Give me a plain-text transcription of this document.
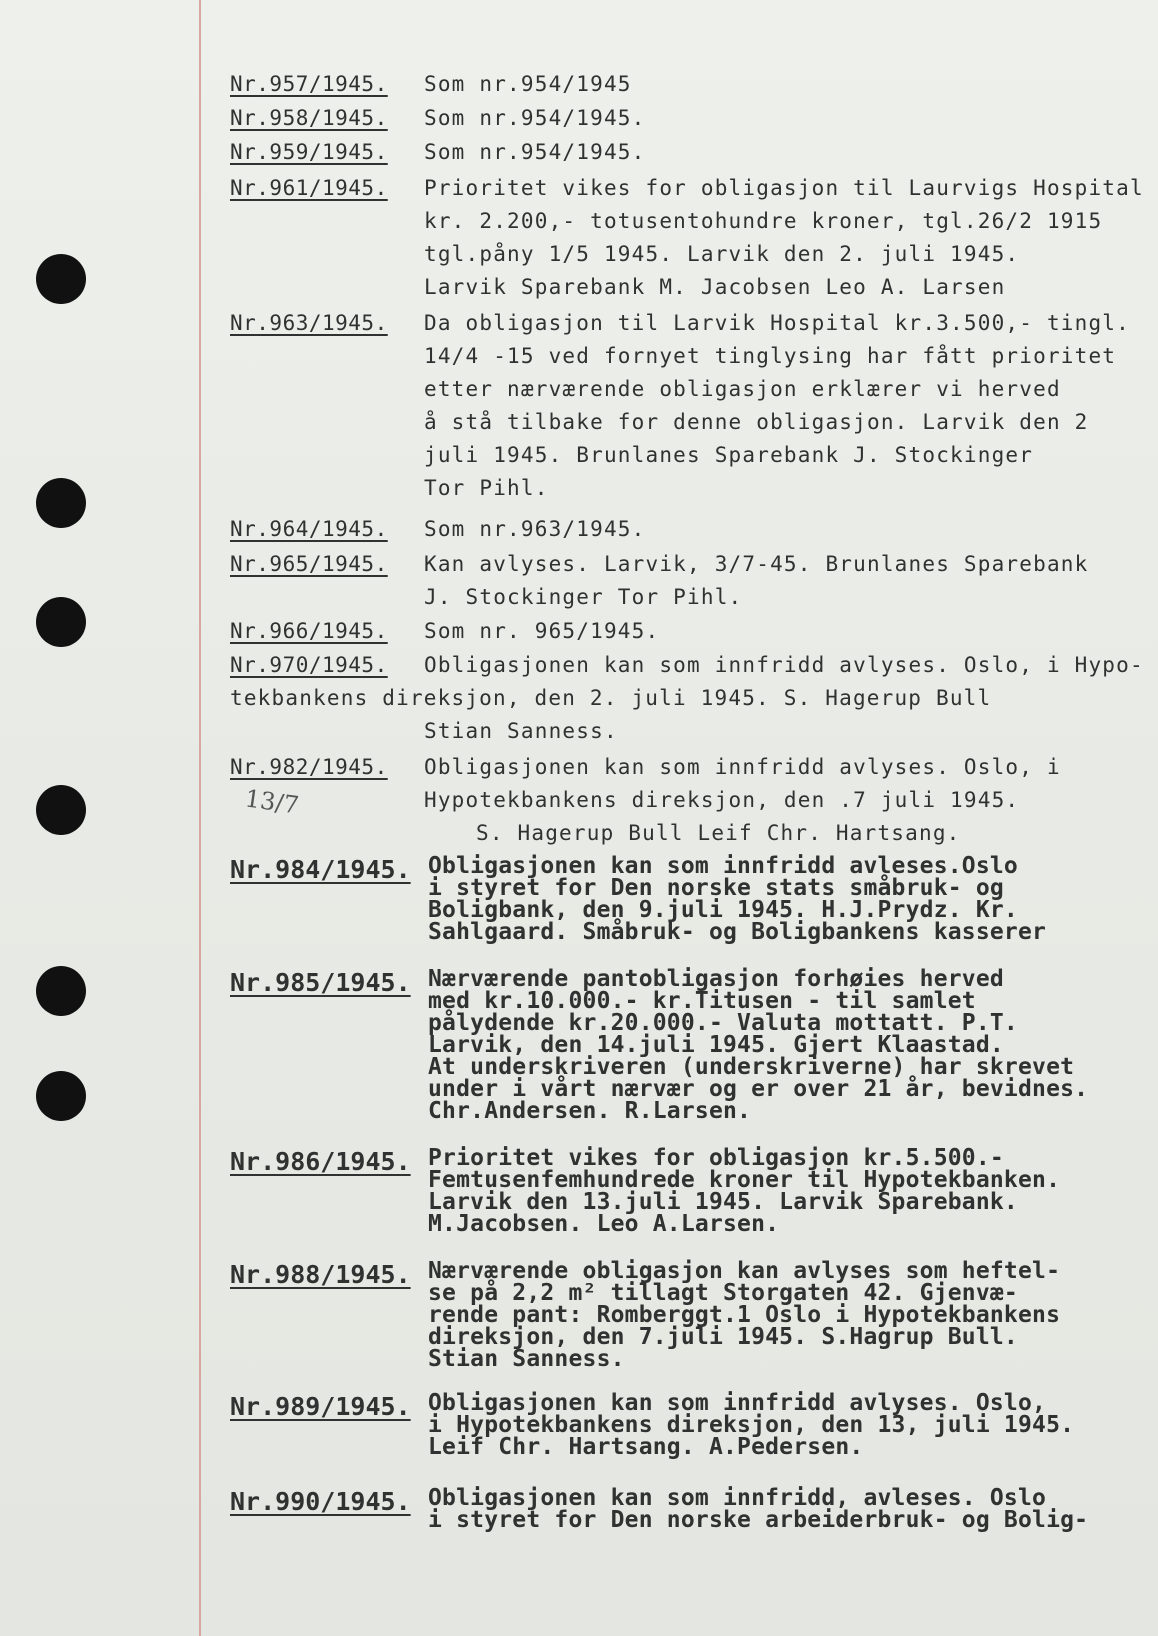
13/7
Nr.957/1945. Som nr.954/1945
Nr.958/1945. Som nr.954/1945.
Nr.959/1945. Som nr.954/1945.
Nr.961/1945. Prioritet vikes for obligasjon til Laurvigs Hospital
kr. 2.200,- totusentohundre kroner, tgl.26/2 1915
tgl.påny 1/5 1945. Larvik den 2. juli 1945.
Larvik Sparebank M. Jacobsen Leo A. Larsen
Nr.963/1945. Da obligasjon til Larvik Hospital kr.3.500,- tingl.
14/4 -15 ved fornyet tinglysing har fått prioritet
etter nærværende obligasjon erklærer vi herved
å stå tilbake for denne obligasjon. Larvik den 2
juli 1945. Brunlanes Sparebank J. Stockinger
Tor Pihl.
Nr.964/1945. Som nr.963/1945.
Nr.965/1945. Kan avlyses. Larvik, 3/7-45. Brunlanes Sparebank
J. Stockinger Tor Pihl.
Nr.966/1945. Som nr. 965/1945.
Nr.970/1945. Obligasjonen kan som innfridd avlyses. Oslo, i Hypo-
tekbankens direksjon, den 2. juli 1945. S. Hagerup Bull
Stian Sanness.
Nr.982/1945. Obligasjonen kan som innfridd avlyses. Oslo, i
Hypotekbankens direksjon, den .7 juli 1945.
S. Hagerup Bull Leif Chr. Hartsang.
Nr.984/1945. Obligasjonen kan som innfridd avleses.Oslo
i styret for Den norske stats småbruk- og
Boligbank, den 9.juli 1945. H.J.Prydz. Kr.
Sahlgaard. Småbruk- og Boligbankens kasserer
Nr.985/1945. Nærværende pantobligasjon forhøies herved
med kr.10.000.- kr.Titusen - til samlet
pålydende kr.20.000.- Valuta mottatt. P.T.
Larvik, den 14.juli 1945. Gjert Klaastad.
At underskriveren (underskriverne) har skrevet
under i vårt nærvær og er over 21 år, bevidnes.
Chr.Andersen. R.Larsen.
Nr.986/1945. Prioritet vikes for obligasjon kr.5.500.-
Femtusenfemhundrede kroner til Hypotekbanken.
Larvik den 13.juli 1945. Larvik Sparebank.
M.Jacobsen. Leo A.Larsen.
Nr.988/1945. Nærværende obligasjon kan avlyses som heftel-
se på 2,2 m² tillagt Storgaten 42. Gjenvæ-
rende pant: Romberggt.1 Oslo i Hypotekbankens
direksjon, den 7.juli 1945. S.Hagrup Bull.
Stian Sanness.
Nr.989/1945. Obligasjonen kan som innfridd avlyses. Oslo,
i Hypotekbankens direksjon, den 13, juli 1945.
Leif Chr. Hartsang. A.Pedersen.
Nr.990/1945. Obligasjonen kan som innfridd, avleses. Oslo
i styret for Den norske arbeiderbruk- og Bolig-
